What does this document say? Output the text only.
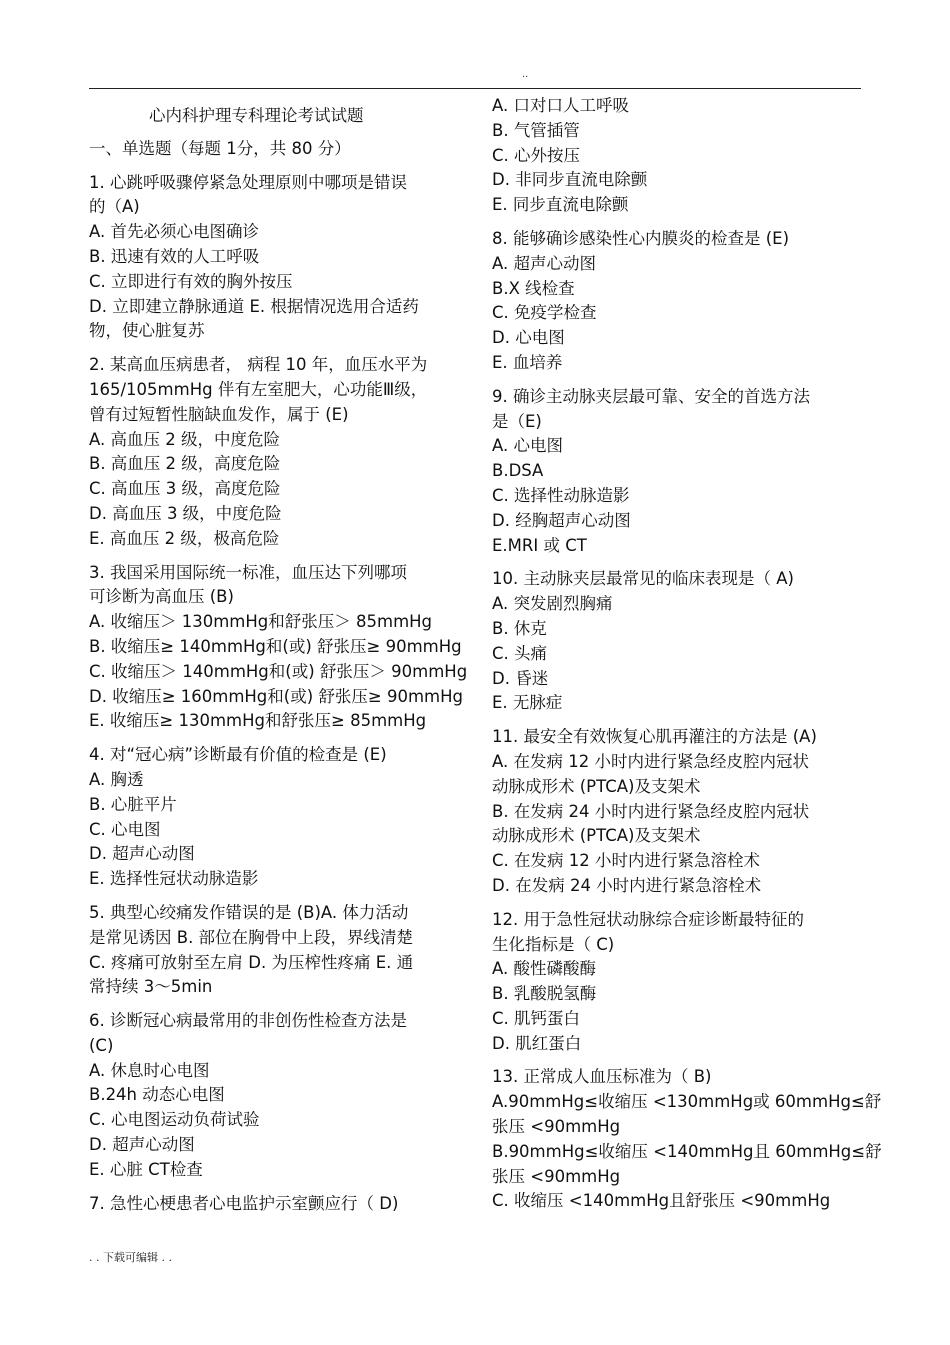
..
心内科护理专科理论考试试题
一、单选题（每题 1分，共 80 分）
1. 心跳呼吸骤停紧急处理原则中哪项是错误
的（A)
A. 首先必须心电图确诊
B. 迅速有效的人工呼吸
C. 立即进行有效的胸外按压
D. 立即建立静脉通道 E. 根据情况选用合适药
物，使心脏复苏
2. 某高血压病患者， 病程 10 年，血压水平为
165/105mmHg 伴有左室肥大，心功能Ⅲ级，
曾有过短暂性脑缺血发作，属于 (E)
A. 高血压 2 级，中度危险
B. 高血压 2 级，高度危险
C. 高血压 3 级，高度危险
D. 高血压 3 级，中度危险
E. 高血压 2 级，极高危险
3. 我国采用国际统一标准，血压达下列哪项
可诊断为高血压 (B)
A. 收缩压＞ 130mmHg和舒张压＞ 85mmHg
B. 收缩压≥ 140mmHg和(或) 舒张压≥ 90mmHg
C. 收缩压＞ 140mmHg和(或) 舒张压＞ 90mmHg
D. 收缩压≥ 160mmHg和(或) 舒张压≥ 90mmHg
E. 收缩压≥ 130mmHg和舒张压≥ 85mmHg
4. 对“冠心病”诊断最有价值的检查是 (E)
A. 胸透
B. 心脏平片
C. 心电图
D. 超声心动图
E. 选择性冠状动脉造影
5. 典型心绞痛发作错误的是 (B)A. 体力活动
是常见诱因 B. 部位在胸骨中上段，界线清楚
C. 疼痛可放射至左肩 D. 为压榨性疼痛 E. 通
常持续 3～5min
6. 诊断冠心病最常用的非创伤性检查方法是
(C)
A. 休息时心电图
B.24h 动态心电图
C. 心电图运动负荷试验
D. 超声心动图
E. 心脏 CT检查
7. 急性心梗患者心电监护示室颤应行（ D)
A. 口对口人工呼吸
B. 气管插管
C. 心外按压
D. 非同步直流电除颤
E. 同步直流电除颤
8. 能够确诊感染性心内膜炎的检查是 (E)
A. 超声心动图
B.X 线检查
C. 免疫学检查
D. 心电图
E. 血培养
9. 确诊主动脉夹层最可靠、安全的首选方法
是（E)
A. 心电图
B.DSA
C. 选择性动脉造影
D. 经胸超声心动图
E.MRI 或 CT
10. 主动脉夹层最常见的临床表现是（ A)
A. 突发剧烈胸痛
B. 休克
C. 头痛
D. 昏迷
E. 无脉症
11. 最安全有效恢复心肌再灌注的方法是 (A)
A. 在发病 12 小时内进行紧急经皮腔内冠状
动脉成形术 (PTCA)及支架术
B. 在发病 24 小时内进行紧急经皮腔内冠状
动脉成形术 (PTCA)及支架术
C. 在发病 12 小时内进行紧急溶栓术
D. 在发病 24 小时内进行紧急溶栓术
12. 用于急性冠状动脉综合症诊断最特征的
生化指标是（ C)
A. 酸性磷酸酶
B. 乳酸脱氢酶
C. 肌钙蛋白
D. 肌红蛋白
13. 正常成人血压标准为（ B)
A.90mmHg≤收缩压 <130mmHg或 60mmHg≤舒
张压 <90mmHg
B.90mmHg≤收缩压 <140mmHg且 60mmHg≤舒
张压 <90mmHg
C. 收缩压 <140mmHg且舒张压 <90mmHg
. . 下载可编辑 . .
